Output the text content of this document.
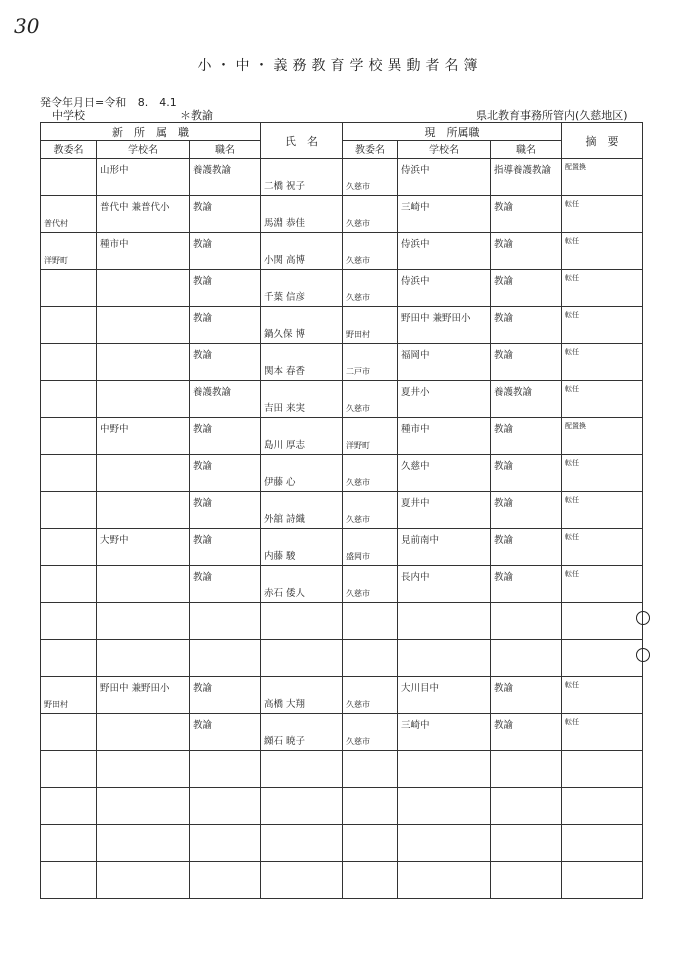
30
小・中・義務教育学校異動者名簿
発令年月日=令和 8.　4.1
中学校	＊教諭	県北教育事務所管内(久慈地区)
新　所　属　職			氏　名	現　所属職			摘　要
教委名	学校名	職名		教委名	学校名	職名	

	山形中	養護教諭	二橋 祝子	久慈市	侍浜中	指導養護教諭	配置換

普代村	普代中 兼普代小	教諭	馬淵 恭佳	久慈市	三崎中	教諭	転任

洋野町	種市中	教諭	小関 高博	久慈市	侍浜中	教諭	転任

		教諭	千葉 信彦	久慈市	侍浜中	教諭	転任

		教諭	鍋久保 博	野田村	野田中 兼野田小	教諭	転任

		教諭	関本 春香	二戸市	福岡中	教諭	転任

		養護教諭	吉田 来実	久慈市	夏井小	養護教諭	転任

	中野中	教諭	島川 厚志	洋野町	種市中	教諭	配置換

		教諭	伊藤 心	久慈市	久慈中	教諭	転任

		教諭	外舘 詩織	久慈市	夏井中	教諭	転任

	大野中	教諭	内藤 駿	盛岡市	見前南中	教諭	転任

		教諭	赤石 倭人	久慈市	長内中	教諭	転任

野田村	野田中 兼野田小	教諭	高橋 大翔	久慈市	大川目中	教諭	転任

		教諭	纐石 暁子	久慈市	三崎中	教諭	転任
